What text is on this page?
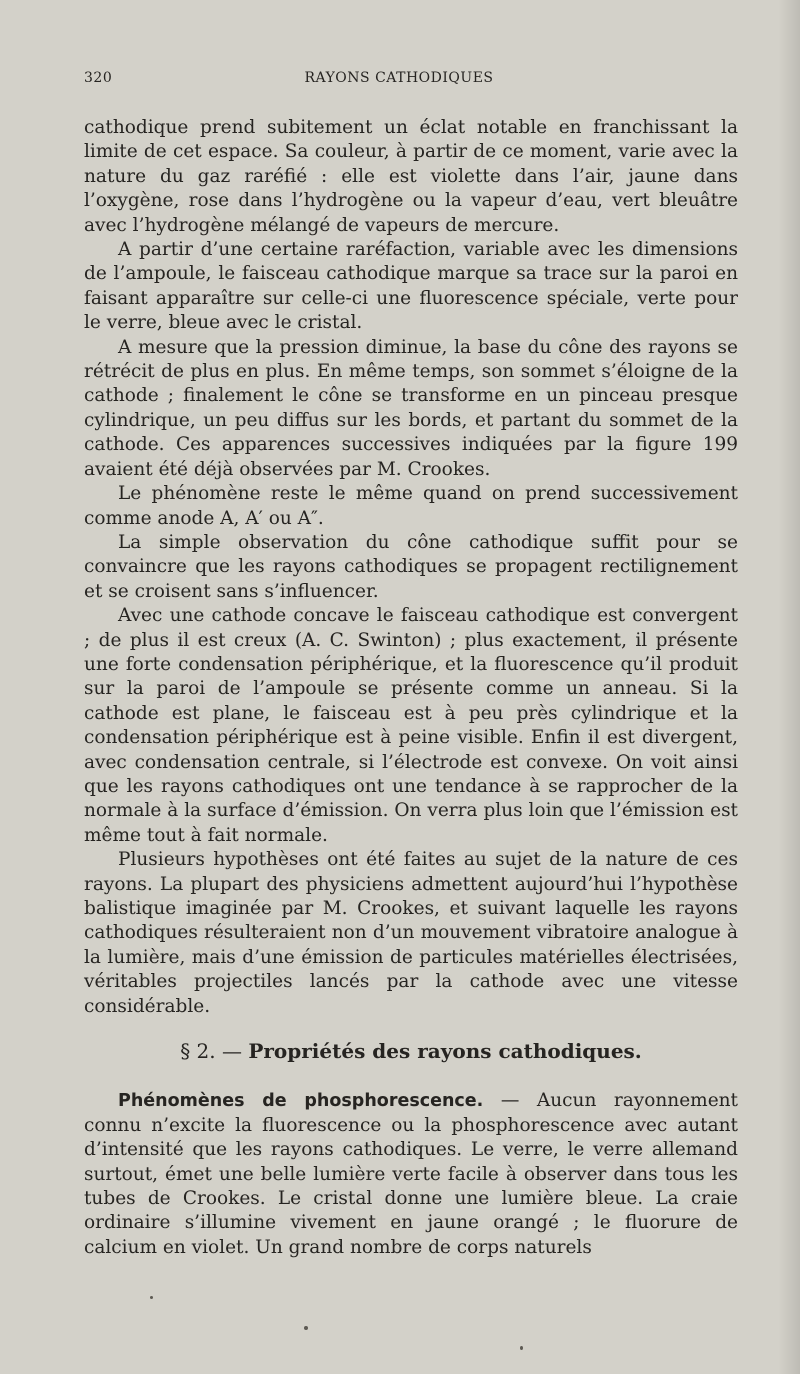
320	RAYONS CATHODIQUES

cathodique prend subitement un éclat notable en franchissant la limite de cet espace. Sa couleur, à partir de ce moment, varie avec la nature du gaz raréfié : elle est violette dans l’air, jaune dans l’oxygène, rose dans l’hydrogène ou la vapeur d’eau, vert bleuâtre avec l’hydrogène mélangé de vapeurs de mercure.

A partir d’une certaine raréfaction, variable avec les dimensions de l’ampoule, le faisceau cathodique marque sa trace sur la paroi en faisant apparaître sur celle-ci une fluorescence spéciale, verte pour le verre, bleue avec le cristal.

A mesure que la pression diminue, la base du cône des rayons se rétrécit de plus en plus. En même temps, son sommet s’éloigne de la cathode ; finalement le cône se transforme en un pinceau presque cylindrique, un peu diffus sur les bords, et partant du sommet de la cathode. Ces apparences successives indiquées par la figure 199 avaient été déjà observées par M. Crookes.

Le phénomène reste le même quand on prend successivement comme anode A, A′ ou A″.

La simple observation du cône cathodique suffit pour se convaincre que les rayons cathodiques se propagent rectilignement et se croisent sans s’influencer.

Avec une cathode concave le faisceau cathodique est convergent ; de plus il est creux (A. C. Swinton) ; plus exactement, il présente une forte condensation périphérique, et la fluorescence qu’il produit sur la paroi de l’ampoule se présente comme un anneau. Si la cathode est plane, le faisceau est à peu près cylindrique et la condensation périphérique est à peine visible. Enfin il est divergent, avec condensation centrale, si l’électrode est convexe. On voit ainsi que les rayons cathodiques ont une tendance à se rapprocher de la normale à la surface d’émission. On verra plus loin que l’émission est même tout à fait normale.

Plusieurs hypothèses ont été faites au sujet de la nature de ces rayons. La plupart des physiciens admettent aujourd’hui l’hypothèse balistique imaginée par M. Crookes, et suivant laquelle les rayons cathodiques résulteraient non d’un mouvement vibratoire analogue à la lumière, mais d’une émission de particules matérielles électrisées, véritables projectiles lancés par la cathode avec une vitesse considérable.

§ 2. — Propriétés des rayons cathodiques.

Phénomènes de phosphorescence. — Aucun rayonnement connu n’excite la fluorescence ou la phosphorescence avec autant d’intensité que les rayons cathodiques. Le verre, le verre allemand surtout, émet une belle lumière verte facile à observer dans tous les tubes de Crookes. Le cristal donne une lumière bleue. La craie ordinaire s’illumine vivement en jaune orangé ; le fluorure de calcium en violet. Un grand nombre de corps naturels
